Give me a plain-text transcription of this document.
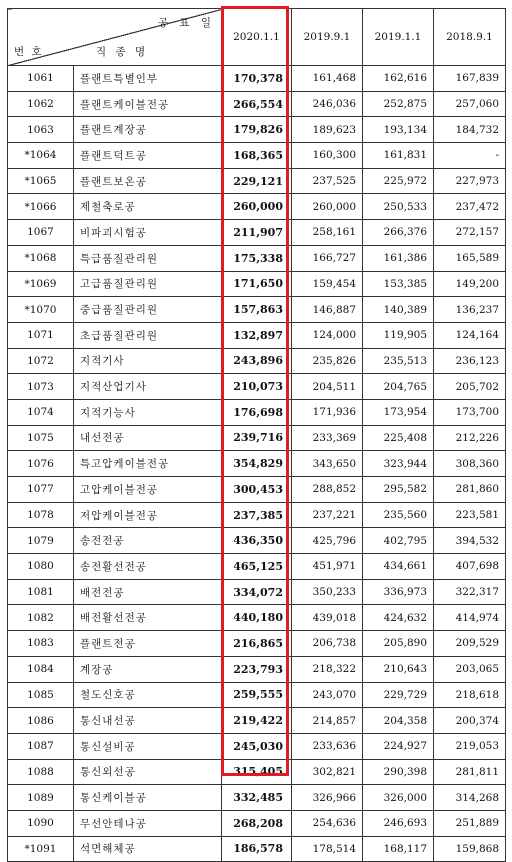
공 표 일
번 호 직 종 명		2020.1.1	2019.9.1	2019.1.1	2018.9.1
1061	플랜트특별인부	170,378	161,468	162,616	167,839
1062	플랜트케이블전공	266,554	246,036	252,875	257,060
1063	플랜트계장공	179,826	189,623	193,134	184,732
*1064	플랜트덕트공	168,365	160,300	161,831	-
*1065	플랜트보온공	229,121	237,525	225,972	227,973
*1066	제철축로공	260,000	260,000	250,533	237,472
1067	비파괴시험공	211,907	258,161	266,376	272,157
*1068	특급품질관리원	175,338	166,727	161,386	165,589
*1069	고급품질관리원	171,650	159,454	153,385	149,200
*1070	중급품질관리원	157,863	146,887	140,389	136,237
1071	초급품질관리원	132,897	124,000	119,905	124,164
1072	지적기사	243,896	235,826	235,513	236,123
1073	지적산업기사	210,073	204,511	204,765	205,702
1074	지적기능사	176,698	171,936	173,954	173,700
1075	내선전공	239,716	233,369	225,408	212,226
1076	특고압케이블전공	354,829	343,650	323,944	308,360
1077	고압케이블전공	300,453	288,852	295,582	281,860
1078	저압케이블전공	237,385	237,221	235,560	223,581
1079	송전전공	436,350	425,796	402,795	394,532
1080	송전활선전공	465,125	451,971	434,661	407,698
1081	배전전공	334,072	350,233	336,973	322,317
1082	배전활선전공	440,180	439,018	424,632	414,974
1083	플랜트전공	216,865	206,738	205,890	209,529
1084	계장공	223,793	218,322	210,643	203,065
1085	철도신호공	259,555	243,070	229,729	218,618
1086	통신내선공	219,422	214,857	204,358	200,374
1087	통신설비공	245,030	233,636	224,927	219,053
1088	통신외선공	315,405	302,821	290,398	281,811
1089	통신케이블공	332,485	326,966	326,000	314,268
1090	무선안테나공	268,208	254,636	246,693	251,889
*1091	석면해체공	186,578	178,514	168,117	159,868
